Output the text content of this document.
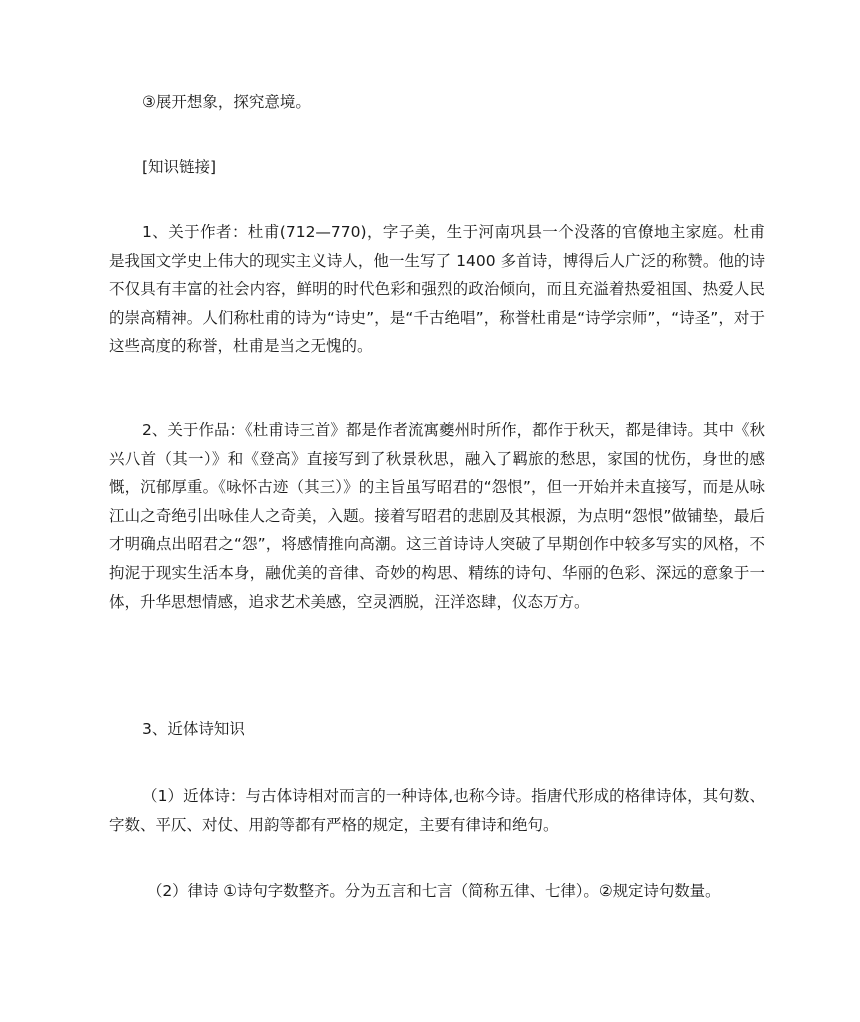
③展开想象，探究意境。

[知识链接]

1、关于作者：杜甫(712—770)，字子美，生于河南巩县一个没落的官僚地主家庭。杜甫是我国文学史上伟大的现实主义诗人，他一生写了 1400 多首诗，博得后人广泛的称赞。他的诗不仅具有丰富的社会内容，鲜明的时代色彩和强烈的政治倾向，而且充溢着热爱祖国、热爱人民的崇高精神。人们称杜甫的诗为“诗史”，是“千古绝唱”，称誉杜甫是“诗学宗师”，“诗圣”，对于这些高度的称誉，杜甫是当之无愧的。

2、关于作品：《杜甫诗三首》都是作者流寓夔州时所作，都作于秋天，都是律诗。其中《秋兴八首（其一）》和《登高》直接写到了秋景秋思，融入了羁旅的愁思，家国的忧伤，身世的感慨，沉郁厚重。《咏怀古迹（其三）》的主旨虽写昭君的“怨恨”，但一开始并未直接写，而是从咏江山之奇绝引出咏佳人之奇美，入题。接着写昭君的悲剧及其根源，为点明“怨恨”做铺垫，最后才明确点出昭君之“怨”，将感情推向高潮。这三首诗诗人突破了早期创作中较多写实的风格，不拘泥于现实生活本身，融优美的音律、奇妙的构思、精练的诗句、华丽的色彩、深远的意象于一体，升华思想情感，追求艺术美感，空灵洒脱，汪洋恣肆，仪态万方。

3、近体诗知识

（1）近体诗：与古体诗相对而言的一种诗体,也称今诗。指唐代形成的格律诗体，其句数、字数、平仄、对仗、用韵等都有严格的规定，主要有律诗和绝句。

（2）律诗 ①诗句字数整齐。分为五言和七言（简称五律、七律）。②规定诗句数量。
